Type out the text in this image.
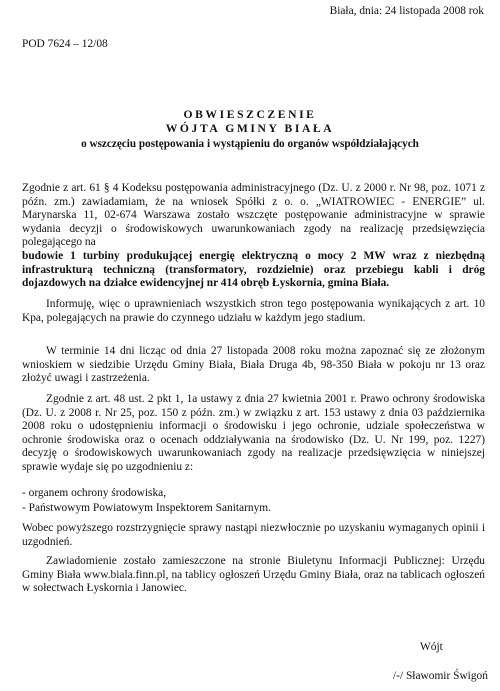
Biała, dnia: 24 listopada 2008 rok
POD 7624 – 12/08
OBWIESZCZENIE
WÓJTA GMINY BIAŁA
o wszczęciu postępowania i wystąpieniu do organów współdziałających
Zgodnie z art. 61 § 4 Kodeksu postępowania administracyjnego (Dz. U. z 2000 r. Nr 98, poz. 1071 z późn. zm.) zawiadamiam, że na wniosek Spółki z o. o. „WIATROWIEC - ENERGIE” ul. Marynarska 11, 02-674 Warszawa zostało wszczęte postępowanie administracyjne w sprawie wydania decyzji o środowiskowych uwarunkowaniach zgody na realizację przedsięwzięcia polegającego na
budowie 1 turbiny produkującej energię elektryczną o mocy 2 MW wraz z niezbędną infrastrukturą techniczną (transformatory, rozdzielnie) oraz przebiegu kabli i dróg dojazdowych na działce ewidencyjnej nr 414 obręb Łyskornia, gmina Biała.
Informuję, więc o uprawnieniach wszystkich stron tego postępowania wynikających z art. 10 Kpa, polegających na prawie do czynnego udziału w każdym jego stadium.
W terminie 14 dni licząc od dnia 27 listopada 2008 roku można zapoznać się ze złożonym wnioskiem w siedzibie Urzędu Gminy Biała, Biała Druga 4b, 98-350 Biała w pokoju nr 13 oraz złożyć uwagi i zastrzeżenia.
Zgodnie z art. 48 ust. 2 pkt 1, 1a ustawy z dnia 27 kwietnia 2001 r. Prawo ochrony środowiska (Dz. U. z 2008 r. Nr 25, poz. 150 z późn. zm.) w związku z art. 153 ustawy z dnia 03 października 2008 roku o udostępnieniu informacji o środowisku i jego ochronie, udziale społeczeństwa w ochronie środowiska oraz o ocenach oddziaływania na środowisko (Dz. U. Nr 199, poz. 1227) decyzję o środowiskowych uwarunkowaniach zgody na realizacje przedsięwzięcia w niniejszej sprawie wydaje się po uzgodnieniu z:
- organem ochrony środowiska,
- Państwowym Powiatowym Inspektorem Sanitarnym.
Wobec powyższego rozstrzygnięcie sprawy nastąpi niezwłocznie po uzyskaniu wymaganych opinii i uzgodnień.
Zawiadomienie zostało zamieszczone na stronie Biuletynu Informacji Publicznej: Urzędu Gminy Biała www.biala.finn.pl, na tablicy ogłoszeń Urzędu Gminy Biała, oraz na tablicach ogłoszeń w sołectwach Łyskornia i Janowiec.
Wójt
/-/ Sławomir Świgoń
